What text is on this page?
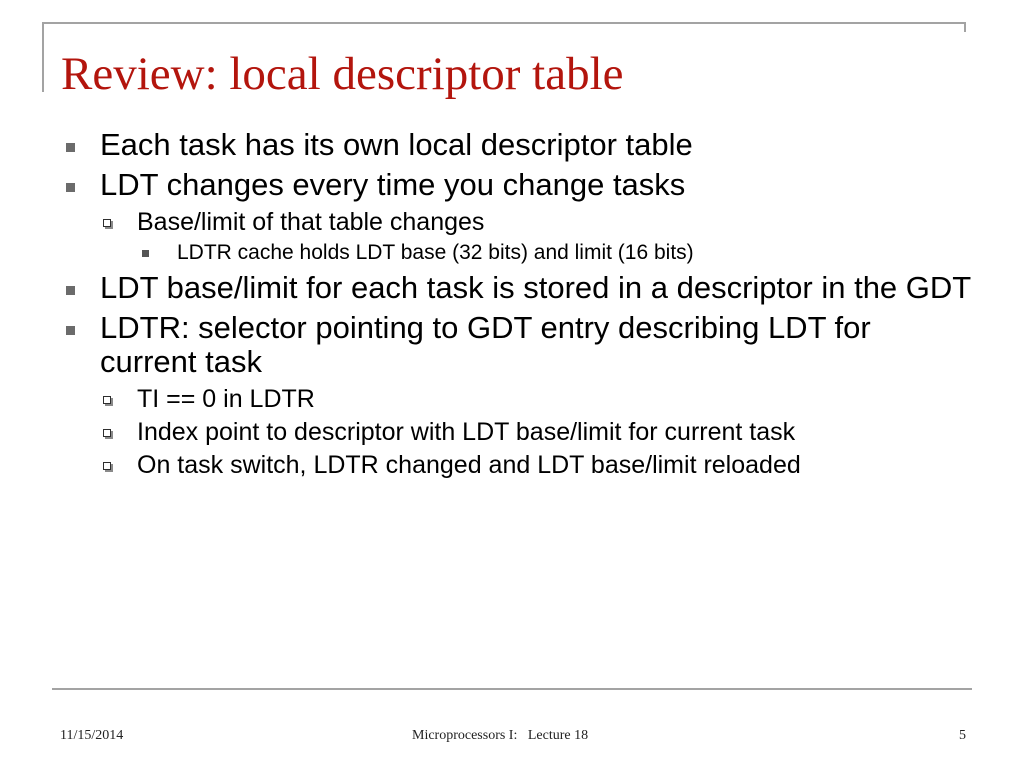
Review: local descriptor table
Each task has its own local descriptor table
LDT changes every time you change tasks
Base/limit of that table changes
LDTR cache holds LDT base (32 bits) and limit (16 bits)
LDT base/limit for each task is stored in a descriptor in the GDT
LDTR: selector pointing to GDT entry describing LDT for current task
TI == 0 in LDTR
Index point to descriptor with LDT base/limit for current task
On task switch, LDTR changed and LDT base/limit reloaded
11/15/2014	Microprocessors I:   Lecture 18	5
